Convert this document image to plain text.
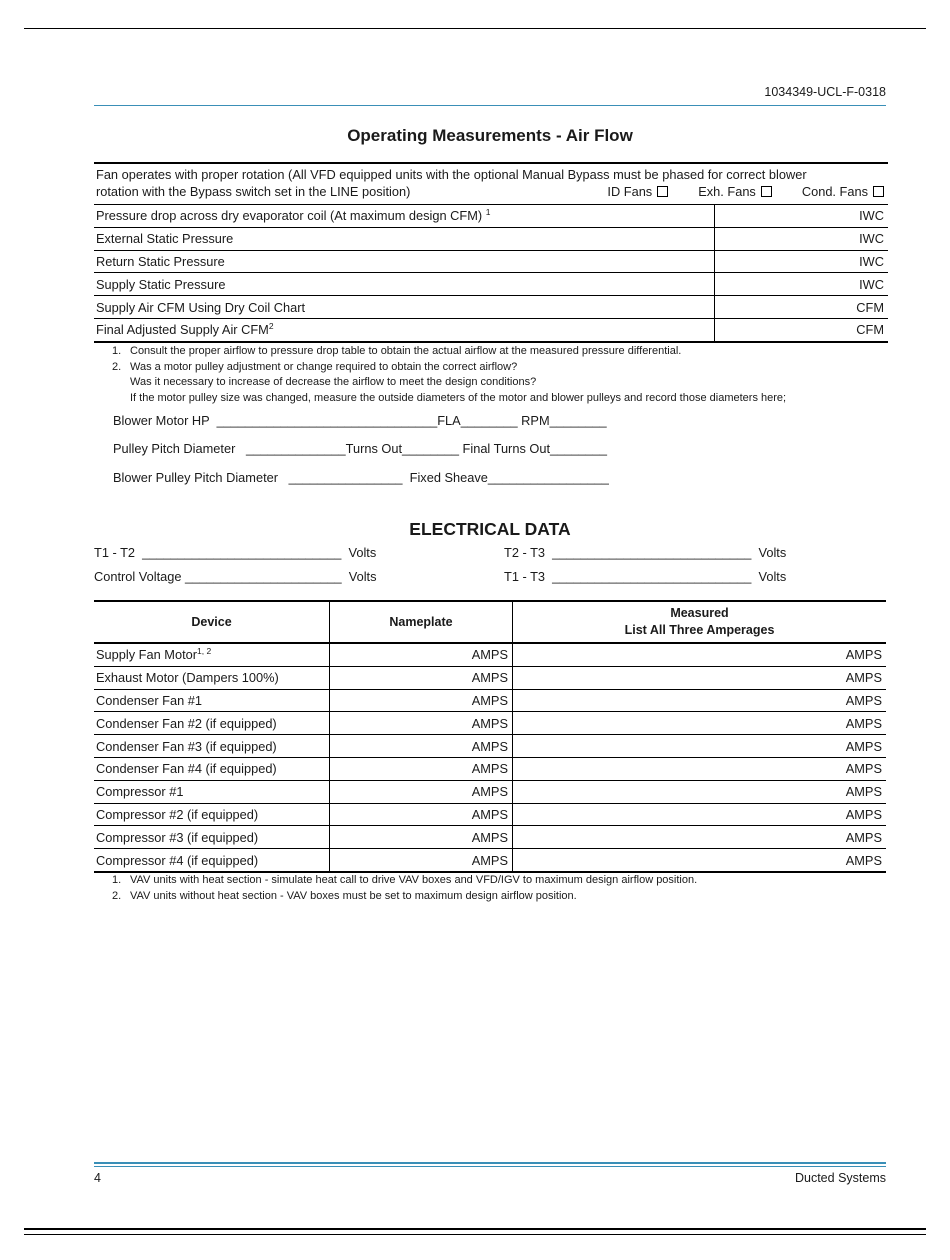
1034349-UCL-F-0318
Operating Measurements - Air Flow
Fan operates with proper rotation (All VFD equipped units with the optional Manual Bypass must be phased for correct blower
rotation with the Bypass switch set in the LINE position) ID Fans Exh. Fans Cond. Fans	

Pressure drop across dry evaporator coil (At maximum design CFM) $^1$	IWC
External Static Pressure	IWC
Return Static Pressure	IWC
Supply Static Pressure	IWC
Supply Air CFM Using Dry Coil Chart	CFM
Final Adjusted Supply Air CFM$^2$	CFM
1. Consult the proper airflow to pressure drop table to obtain the actual airflow at the measured pressure differential.
2. Was a motor pulley adjustment or change required to obtain the correct airflow?
Was it necessary to increase of decrease the airflow to meet the design conditions?
If the motor pulley size was changed, measure the outside diameters of the motor and blower pulleys and record those diameters here;
Blower Motor HP  _______________________________FLA________ RPM________
Pulley Pitch Diameter   ______________Turns Out________ Final Turns Out________
Blower Pulley Pitch Diameter   ________________  Fixed Sheave_________________
ELECTRICAL DATA
T1 - T2  ____________________________  Volts	T2 - T3  ____________________________  Volts
Control Voltage ______________________  Volts	T1 - T3  ____________________________  Volts
Device	Nameplate	Measured
List All Three Amperages

Supply Fan Motor$^{1, 2}$	AMPS	AMPS
Exhaust Motor (Dampers 100%)	AMPS	AMPS
Condenser Fan #1	AMPS	AMPS
Condenser Fan #2 (if equipped)	AMPS	AMPS
Condenser Fan #3 (if equipped)	AMPS	AMPS
Condenser Fan #4 (if equipped)	AMPS	AMPS
Compressor #1	AMPS	AMPS
Compressor #2 (if equipped)	AMPS	AMPS
Compressor #3 (if equipped)	AMPS	AMPS
Compressor #4 (if equipped)	AMPS	AMPS
1. VAV units with heat section - simulate heat call to drive VAV boxes and VFD/IGV to maximum design airflow position.
2. VAV units without heat section - VAV boxes must be set to maximum design airflow position.
4	Ducted Systems
